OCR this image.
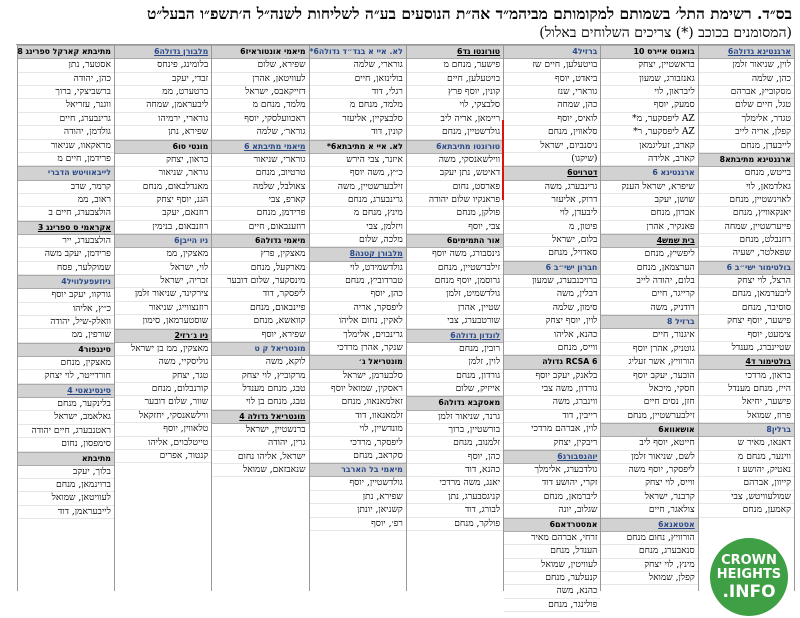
בס״ד. רשימת התל׳ בשמותם למקומותם מביהמ״ד אה״ת הנוסעים בע״ה לשליחות לשנה״ל ה׳תשפ״ו הבעל״ט
(המסומנים בכוכב (*) צריכים השלוחים באלול)
ארגנטינא גדולה6
לוין, שניאור זלמן
כהן, שלמה
מסקוביץ, אברהם
טגל, חיים שלום
טגדר, אלימלך
קפלן, אריה לייב
לייבעדן, מנחם
ארגנטינא מתיבתא8
בייטש, מנחם
גאלדמאן, לוי
לאוינשטיין, מנחם
יאנקאוויץ, מנחם
פייערשטיין, שמחה
רוזנבלט, מנחם
שפאלטר, ישעיה
בולטימור ישי״ב 6
הרצל, לוי יצחק
ליבערמאן, מנחם
סוסיבר, מנחם
פישער, יוסף יצחק
צימעט, יוסף
שטיינברג, מענדל
בולטימור ד4
בראון, מרדכי
הייז, מנחם מענדל
פישער, יחיאל
פרוז, שמואל
ברלין8
דאנאו, מאיר ש
ווינער, מנחם מ
נאטיק, יהושע ז
קייוון, אברהם
שמולעוויטש, צבי
קאמען, מנחם
בואנוס איירס 10
בראשטיין, יצחק
גאנזבורג, שמעון
ליבראון, לוי
סמעק, יוסף
AZ ליפסקער, מ*
AZ ליפסקער, ר*
קארב, זעליגמאן
קארב, אלידה
ארגנטינא 6
שיפרא, ישראל הענק
שושן, יעקב
אברון, מנחם
פאנקיר, אהרן
בית שמש4
ליפשיץ, מנחם
הערצמאן, מנחם
בלום, יהודה לייב
קרייגר, חיים
רודניק, משה
ברזיל 8
איגנור, חיים
גוטניק, אהרן יוסף
הורוויץ, אשר זעליג
הובער, יעקב יוסף
חסקי, מיכאל
חזן, נסים חיים
זילבערשטיין, מנחם
אושאווא6
חייטא, יוסף ליב
לשם, שניאור זלמן
ליפסקר, יוסף משה
ווייס, לוי יצחק
קרבנר, ישראל
צולאגר, חיים
אסטאנא6
הורוויץ, נחום מנחם
סנאבערג, מנחם
מינץ, לוי יצחק
קפלן, שמואל
ברזיל4
בויטעלען, חיים שז
ביאדט, יוסף
גורארי, שנז
כהן, שמחה
לואיס, יוסף
סלאווין, מנחם
ניסנביום, ישראל
(שיקגו)
דטרויט6
גרינבערג, משה
דרוק, אליעזר
ליבעדן, לוי
פיטון, מ
בלום, ישראל
סאדויל, מנחם
חברון ישי״ב 6
ברויכנבערג, שמעון
דבלין, משה
סימון, שלמה
לוין, יוסף יצחק
כהנא, אליהו
ווייס, מנחם
RCSA 6 גדולה
בלאנק, יעקב יוסף
גורדון, משה צבי
ווינברג, משה
רייבין, דוד
לוין, אברהם מרדכי
ריבקין, יצחק
יוהנסבורג6
גולדבערג, אלימלך
זקרי, יהושע דוד
ליברמאן, מנחם
שגלוב, יונה
אמסטרדאם6
זרחי, אברהם מאיר
הענדל, מנחם
לעוויטין, שמואל
קנעלער, מנחם
כהנא, משה
פולינגר, מנחם
טורונטו גד6
פישער, מנחם מ
בויטעלען, חיים
קונין, יוסף פרץ
סלבצקי, לוי
ריימאן, אריה ליב
גולדשטיין, מנחם
טורונטו מתיבתא6
ווילשאנסקי, משה
דאיטש, נתן יעקב
פארסט, נחום
פראנקיו שלום יהודה
פולקן, מנחם
צבי, יוסף
אור התמימים6
גינסבורג, משה יוסף
זילברשטיין, מנחם
גרוסמן, יוסף מנחם
גולדשמיט, זלמן
שטיין, אהרן
שורטבערג, צבי
לונדון גדולה6
רובין, מנחם
לוין, זלמן
גורדון, מנחם
אייזיק, שלום
מאסקבא גדולה6
גרנר, שניאור זלמן
בורשטיין, ברוך
זלמנוב, מנחם
כהן, יוסף
כהנא, דוד
יאנג, משה מרדכי
קניגסבערג, נתן
לבורג, דוד
פולקר, מנחם
לא. איי א בגד״ד גדולה6*
גורארי, שלמה
בולינזאן, חיים
רגלי, דוד
מלמד, מנחם מ
סלבצקיין, אליעזר
קונין, דוד
לא. איי א מתיבתא6*
איזנר, צבי הירש
כ״ץ, משה יוסף
זילבערשטיין, משה
גרינבערג, מנחם
מינץ, מנחם מ
ויזלמן, צבי
מלכה, שלום
מלבורן קטנה8
גולדשמידט, לוי
טברדוביץ, מנחם
כהן, יוסף
ליפסקר, אריה
לאקין, נחום אליהו
גרינבוים, אלימלך
שנקר, אהרן מרדכי
מונטריאל ג׳
סלבערמן, ישראל
ראסקין, שמואל יוסף
זאלמאנאוו, מנחם
זלמאנאוו, דוד
מונדשיין, לוי
ליפסקר, מרדכי
סקראב, מנחם
מיאמי בל הארבר
גולדשטיין, יוסף
שפירא, נתן
קשניאן, יונתן
רפ׳, יוסף
מיאמי אונטוראיז6
שפירא, שלום
לעוויטאן, אהרן
דזייקאבס, ישראל
מלמד, מנחם מ
ראכוועלסקי, יוסף
גוראר׳, שלמה
מיאמי מתיבתא 6
גורארי, שניאור
טרטיוב, מנחם
צאולבל, שלמה
קארפ, צבי
פרידמן, מנחם
רוזענבאום, חיים
מיאמי גדולה6
מאצקין, פרץ
מארקעל, מנחם
מינסקער, שלום דובער
ליפסקר, דוד
פיינבאום, מנחם
קוואשא, מנחם
שפירא, יוסף
מונטריאל ק ט
לוקא, משה
מרקוביץ, לוי יצחק
טבג, מנחם מענדל
טבג, מנחם בן לוי
מונטריאל גדולה 4
ברנשטיין, ישראל
גרין, יהודה
ישראל, אליהו נחום
שנאבזאם, שמואל
מלבורן גדולה6
בלומינג, פינחס
זבדי, יעקב
ברטערט, ממ
ליבעראמן, שמחה
גורארי, ירמיהו
שפירא, נתן
מונטי סו6
בראון, יצחק
גוראר, שניאור
מאנדלבאום, מנחם
הגנ, יוסף יצחק
רוזנאם, יעקב
רוזנבאום, בנימין
ניו הייבן6
מאצקין, ממ
לוי, ישראל
זכריה, ישראל
צירקינד, שניאור זלמן
רוזנצווייג, שניאור
שוסטערמאן, סימון
ניו ג׳רזי2
מאצקין, ממ בן ישראל
גוליסקיי, משה
טגר, יצחק
קורנבלום, מנחם
שוור, שלום דובער
ווילשאנסקי, יחזקאל
טלאווין, יוסף
טייטלבוים, אליהו
קנטור, אפרים
מתיבתא קארקל ספרינג 8
אסטער, נתן
כהן, יהודה
ברשביצקי, ברוך
ווגנר, עזריאל
גרינבערג, חיים
גולדמן, יהודה
מראקאוו, שניאור
פרידמן, חיים מ
לייבאוויטש הדברי
קרמר, שדב
ראוב, ממ
הולצבערג, חיים ב
אקראמי ס ספרינג 3
הולצבערג, ייר
פרידמן, יעקב משה
שמוקלער, פסח
ניוזעפעלוויל4
גורקוו, יעקב יוסף
כ״ץ, אליהו
וואלק-שיל, יהודה
שורפין, ממ
סינגפור4
מאצקין, מנחם
חורדייטר, לוי יצחק
סינסינאטי 4
בלינקער, מנחם
גאלאמב, ישראל
ראטנבערג, חיים יהודה
סימפסון, נחום
מתיבתא
בלוך, יעקב
ברוינמאן, מנחם
לעוויטאן, שמואל
לייבעראמן, דוד
CROWN
HEIGHTS
.INFO
